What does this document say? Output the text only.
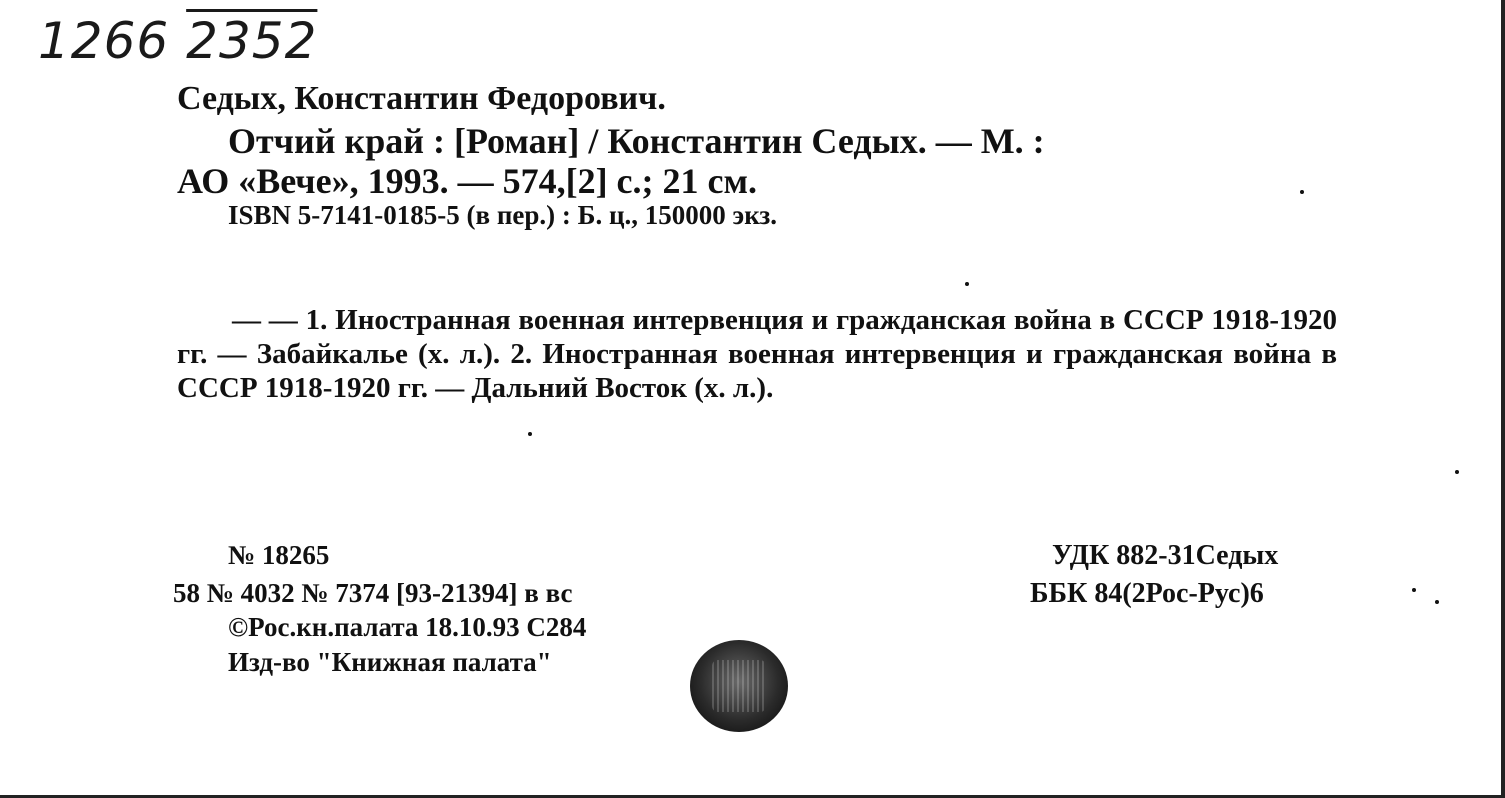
1266 2352
Седых, Константин Федорович.
Отчий край : [Роман] / Константин Седых. — М. :
АО «Вече», 1993. — 574,[2] с.; 21 см.
ISBN 5-7141-0185-5 (в пер.) : Б. ц., 150000 экз.
— — 1. Иностранная военная интервенция и гражданская война в СССР 1918-1920 гг. — Забайкалье (х. л.). 2. Иностранная военная интервенция и гражданская война в СССР 1918-1920 гг. — Дальний Восток (х. л.).
№ 18265
58 № 4032 № 7374 [93-21394] в вс
©Рос.кн.палата 18.10.93 С284
Изд-во "Книжная палата"
УДК 882-31Седых
ББК 84(2Рос-Рус)6
